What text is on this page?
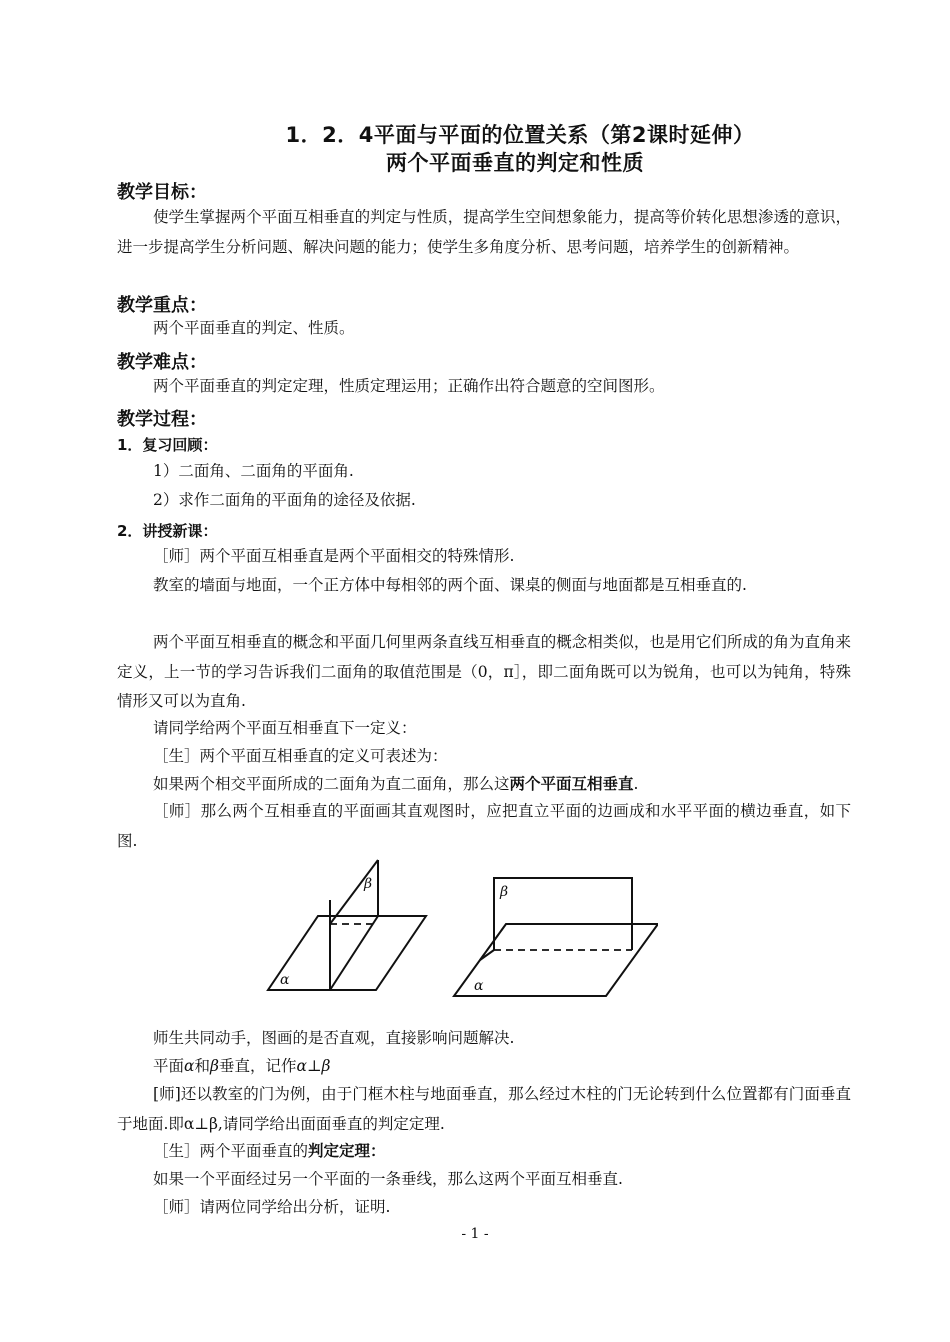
1．2．4平面与平面的位置关系（第2课时延伸）
两个平面垂直的判定和性质
教学目标：
使学生掌握两个平面互相垂直的判定与性质，提高学生空间想象能力，提高等价转化思想渗透的意识，进一步提高学生分析问题、解决问题的能力；使学生多角度分析、思考问题，培养学生的创新精神。
教学重点：
两个平面垂直的判定、性质。
教学难点：
两个平面垂直的判定定理，性质定理运用；正确作出符合题意的空间图形。
教学过程：
1．复习回顾：
1）二面角、二面角的平面角.
2）求作二面角的平面角的途径及依据.
2．讲授新课：
［师］两个平面互相垂直是两个平面相交的特殊情形.
教室的墙面与地面，一个正方体中每相邻的两个面、课桌的侧面与地面都是互相垂直的.
两个平面互相垂直的概念和平面几何里两条直线互相垂直的概念相类似，也是用它们所成的角为直角来定义，上一节的学习告诉我们二面角的取值范围是（0，π］，即二面角既可以为锐角，也可以为钝角，特殊情形又可以为直角.
请同学给两个平面互相垂直下一定义：
［生］两个平面互相垂直的定义可表述为：
如果两个相交平面所成的二面角为直二面角，那么这两个平面互相垂直.
［师］那么两个互相垂直的平面画其直观图时，应把直立平面的边画成和水平平面的横边垂直，如下图.
α
β
α
β
师生共同动手，图画的是否直观，直接影响问题解决.
平面α和β垂直，记作α⊥β
[师]还以教室的门为例，由于门框木柱与地面垂直，那么经过木柱的门无论转到什么位置都有门面垂直于地面.即α⊥β,请同学给出面面垂直的判定定理.
［生］两个平面垂直的判定定理：
如果一个平面经过另一个平面的一条垂线，那么这两个平面互相垂直.
［师］请两位同学给出分析，证明.
- 1 -
